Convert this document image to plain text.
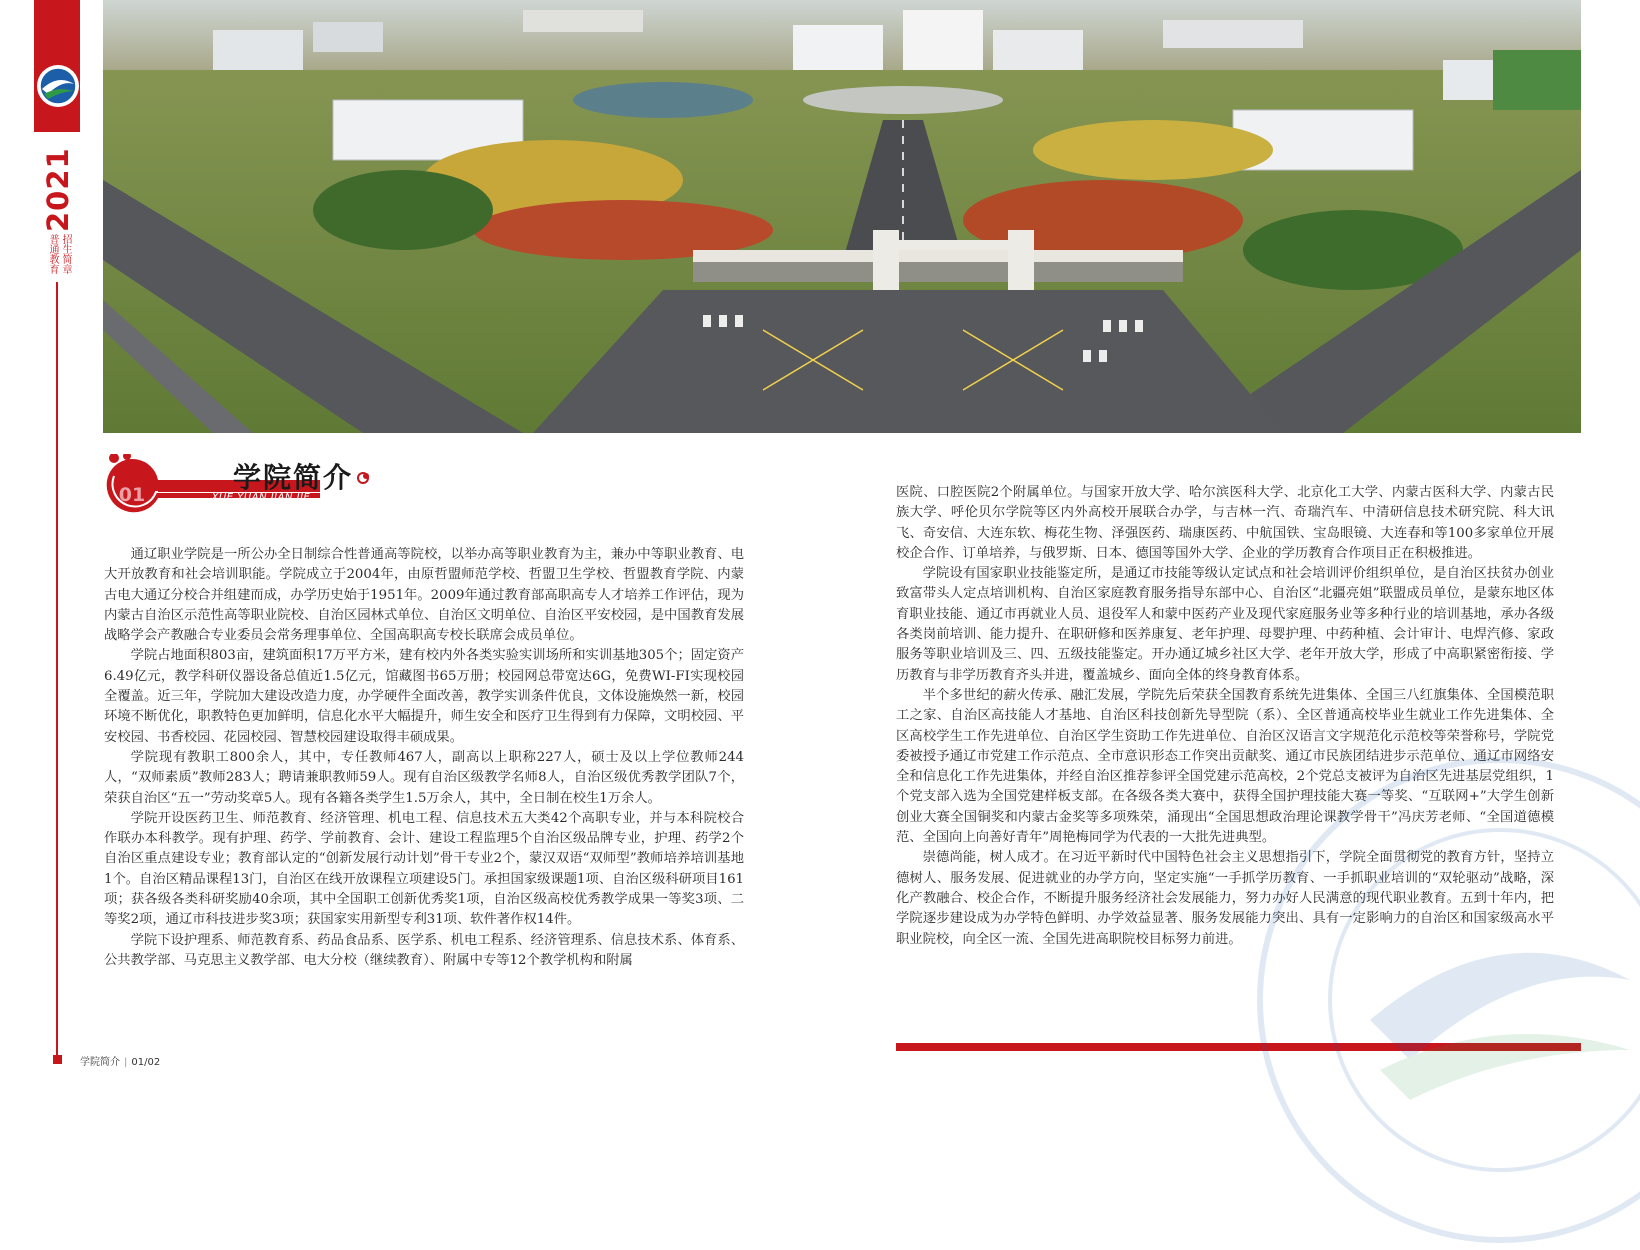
2021
招生简章
普通教育
学院简介 | 01/02
01
学院简介
XUE YUAN JIAN JIE

通辽职业学院是一所公办全日制综合性普通高等院校，以举办高等职业教育为主，兼办中等职业教育、电大开放教育和社会培训职能。学院成立于2004年，由原哲盟师范学校、哲盟卫生学校、哲盟教育学院、内蒙古电大通辽分校合并组建而成，办学历史始于1951年。2009年通过教育部高职高专人才培养工作评估，现为内蒙古自治区示范性高等职业院校、自治区园林式单位、自治区文明单位、自治区平安校园，是中国教育发展战略学会产教融合专业委员会常务理事单位、全国高职高专校长联席会成员单位。

学院占地面积803亩，建筑面积17万平方米，建有校内外各类实验实训场所和实训基地305个；固定资产6.49亿元，教学科研仪器设备总值近1.5亿元，馆藏图书65万册；校园网总带宽达6G，免费WI-FI实现校园全覆盖。近三年，学院加大建设改造力度，办学硬件全面改善，教学实训条件优良，文体设施焕然一新，校园环境不断优化，职教特色更加鲜明，信息化水平大幅提升，师生安全和医疗卫生得到有力保障，文明校园、平安校园、书香校园、花园校园、智慧校园建设取得丰硕成果。

学院现有教职工800余人，其中，专任教师467人，副高以上职称227人，硕士及以上学位教师244人，“双师素质”教师283人；聘请兼职教师59人。现有自治区级教学名师8人，自治区级优秀教学团队7个，荣获自治区“五一”劳动奖章5人。现有各籍各类学生1.5万余人，其中，全日制在校生1万余人。

学院开设医药卫生、师范教育、经济管理、机电工程、信息技术五大类42个高职专业，并与本科院校合作联办本科教学。现有护理、药学、学前教育、会计、建设工程监理5个自治区级品牌专业，护理、药学2个自治区重点建设专业；教育部认定的“创新发展行动计划”骨干专业2个，蒙汉双语“双师型”教师培养培训基地1个。自治区精品课程13门，自治区在线开放课程立项建设5门。承担国家级课题1项、自治区级科研项目161项；获各级各类科研奖励40余项，其中全国职工创新优秀奖1项，自治区级高校优秀教学成果一等奖3项、二等奖2项，通辽市科技进步奖3项；获国家实用新型专利31项、软件著作权14件。

学院下设护理系、师范教育系、药品食品系、医学系、机电工程系、经济管理系、信息技术系、体育系、公共教学部、马克思主义教学部、电大分校（继续教育）、附属中专等12个教学机构和附属

医院、口腔医院2个附属单位。与国家开放大学、哈尔滨医科大学、北京化工大学、内蒙古医科大学、内蒙古民族大学、呼伦贝尔学院等区内外高校开展联合办学，与吉林一汽、奇瑞汽车、中清研信息技术研究院、科大讯飞、奇安信、大连东软、梅花生物、泽强医药、瑞康医药、中航国铁、宝岛眼镜、大连春和等100多家单位开展校企合作、订单培养，与俄罗斯、日本、德国等国外大学、企业的学历教育合作项目正在积极推进。

学院设有国家职业技能鉴定所，是通辽市技能等级认定试点和社会培训评价组织单位，是自治区扶贫办创业致富带头人定点培训机构、自治区家庭教育服务指导东部中心、自治区“北疆亮姐”联盟成员单位，是蒙东地区体育职业技能、通辽市再就业人员、退役军人和蒙中医药产业及现代家庭服务业等多种行业的培训基地，承办各级各类岗前培训、能力提升、在职研修和医养康复、老年护理、母婴护理、中药种植、会计审计、电焊汽修、家政服务等职业培训及三、四、五级技能鉴定。开办通辽城乡社区大学、老年开放大学，形成了中高职紧密衔接、学历教育与非学历教育齐头并进，覆盖城乡、面向全体的终身教育体系。

半个多世纪的薪火传承、融汇发展，学院先后荣获全国教育系统先进集体、全国三八红旗集体、全国模范职工之家、自治区高技能人才基地、自治区科技创新先导型院（系）、全区普通高校毕业生就业工作先进集体、全区高校学生工作先进单位、自治区学生资助工作先进单位、自治区汉语言文字规范化示范校等荣誉称号，学院党委被授予通辽市党建工作示范点、全市意识形态工作突出贡献奖、通辽市民族团结进步示范单位、通辽市网络安全和信息化工作先进集体，并经自治区推荐参评全国党建示范高校，2个党总支被评为自治区先进基层党组织，1个党支部入选为全国党建样板支部。在各级各类大赛中，获得全国护理技能大赛一等奖、“互联网+”大学生创新创业大赛全国铜奖和内蒙古金奖等多项殊荣，涌现出“全国思想政治理论课教学骨干”冯庆芳老师、“全国道德模范、全国向上向善好青年”周艳梅同学为代表的一大批先进典型。

崇德尚能，树人成才。在习近平新时代中国特色社会主义思想指引下，学院全面贯彻党的教育方针，坚持立德树人、服务发展、促进就业的办学方向，坚定实施“一手抓学历教育、一手抓职业培训的“双轮驱动”战略，深化产教融合、校企合作，不断提升服务经济社会发展能力，努力办好人民满意的现代职业教育。五到十年内，把学院逐步建设成为办学特色鲜明、办学效益显著、服务发展能力突出、具有一定影响力的自治区和国家级高水平职业院校，向全区一流、全国先进高职院校目标努力前进。
